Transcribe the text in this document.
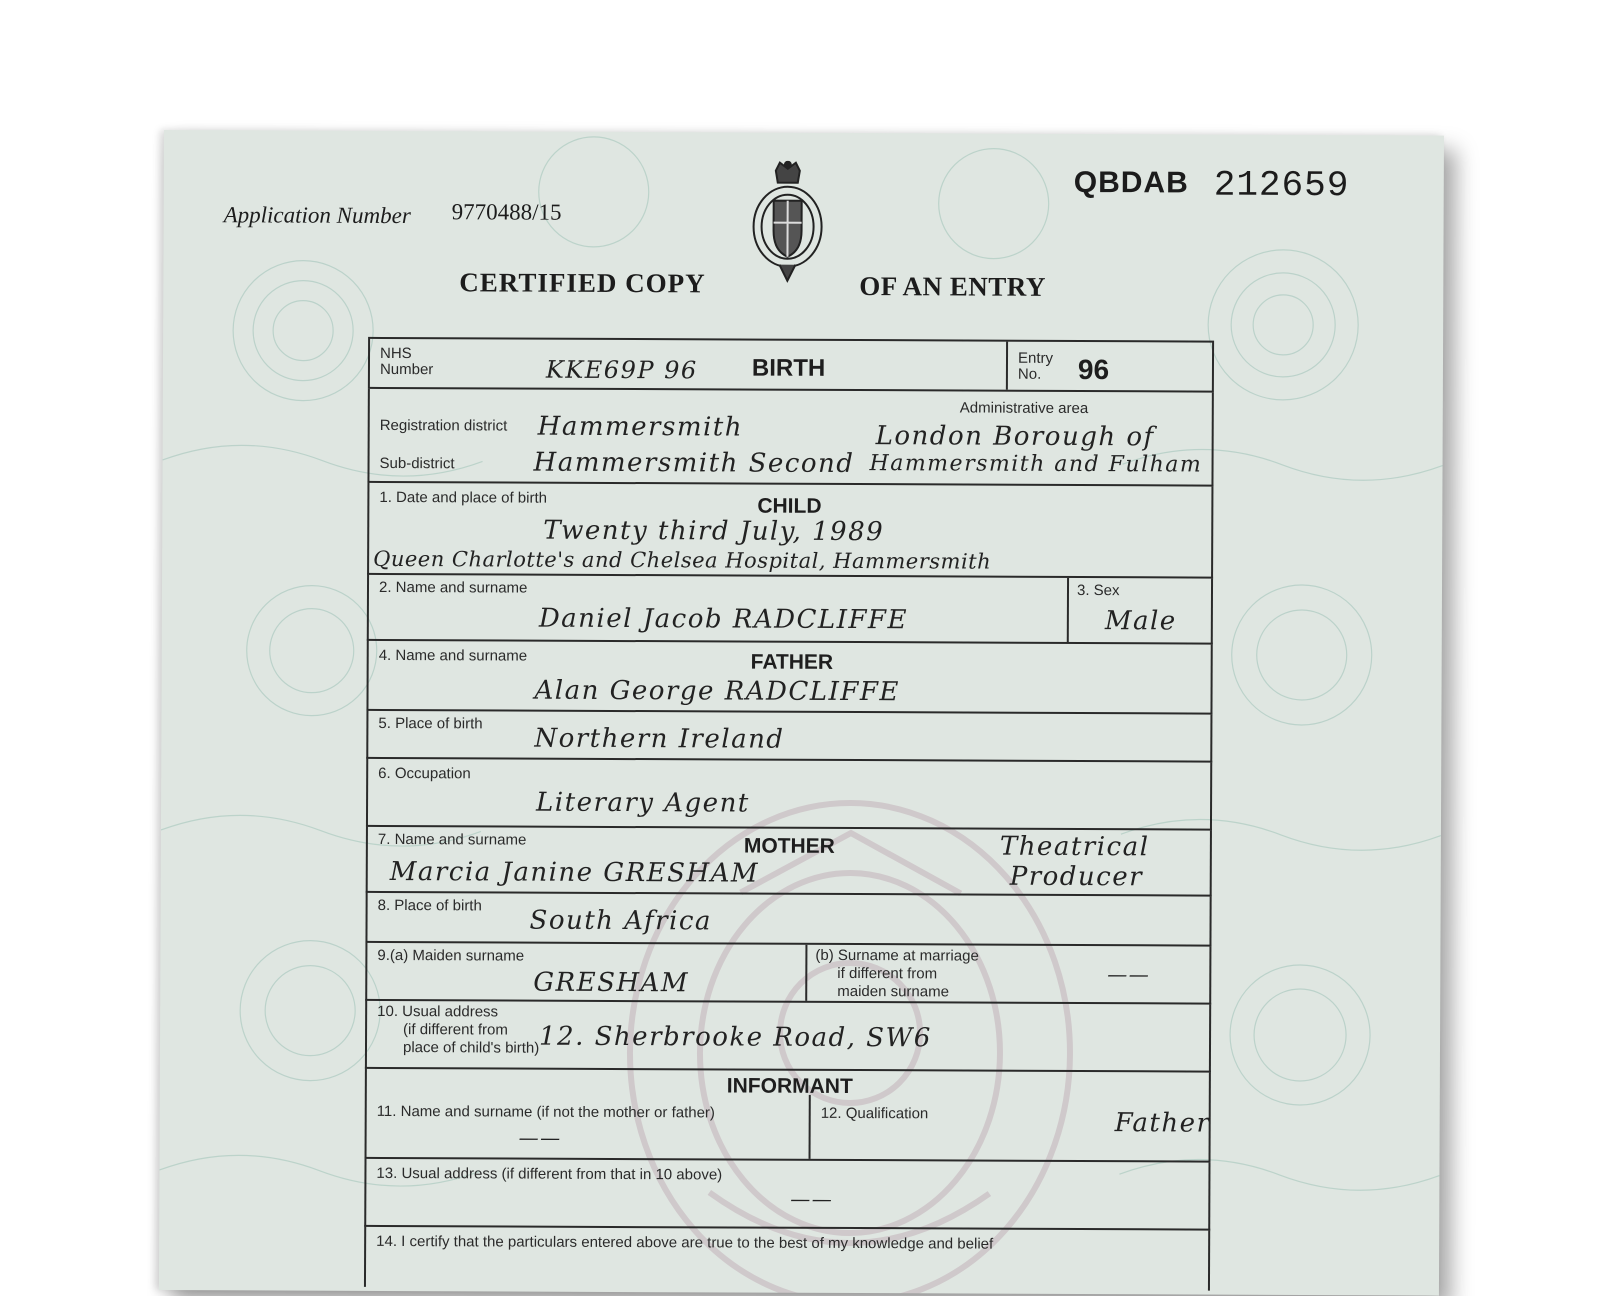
Application Number 9770488/15
QBDAB 212659
CERTIFIED COPY	OF AN ENTRY
NHS
Number	KKE69P 96 BIRTH	Entry
No. 96
Registration district Hammersmith
Sub-district	Hammersmith Second
Administrative area
London Borough of
Hammersmith and Fulham
1. Date and place of birth	CHILD
Twenty third July, 1989
Queen Charlotte's and Chelsea Hospital, Hammersmith
2. Name and surname
Daniel Jacob RADCLIFFE
3. Sex
Male
4. Name and surname	FATHER
Alan George RADCLIFFE
5. Place of birth Northern Ireland
6. Occupation
Literary Agent
7. Name and surname	MOTHER
Marcia Janine GRESHAM
Theatrical
Producer
8. Place of birth South Africa
9.(a) Maiden surname
GRESHAM
(b) Surname at marriage
if different from
maiden surname
——
10. Usual address
(if different from
place of child's birth) 12. Sherbrooke Road, SW6
INFORMANT
11. Name and surname (if not the mother or father)
——
12. Qualification	Father
13. Usual address (if different from that in 10 above)
——
14. I certify that the particulars entered above are true to the best of my knowledge and belief
